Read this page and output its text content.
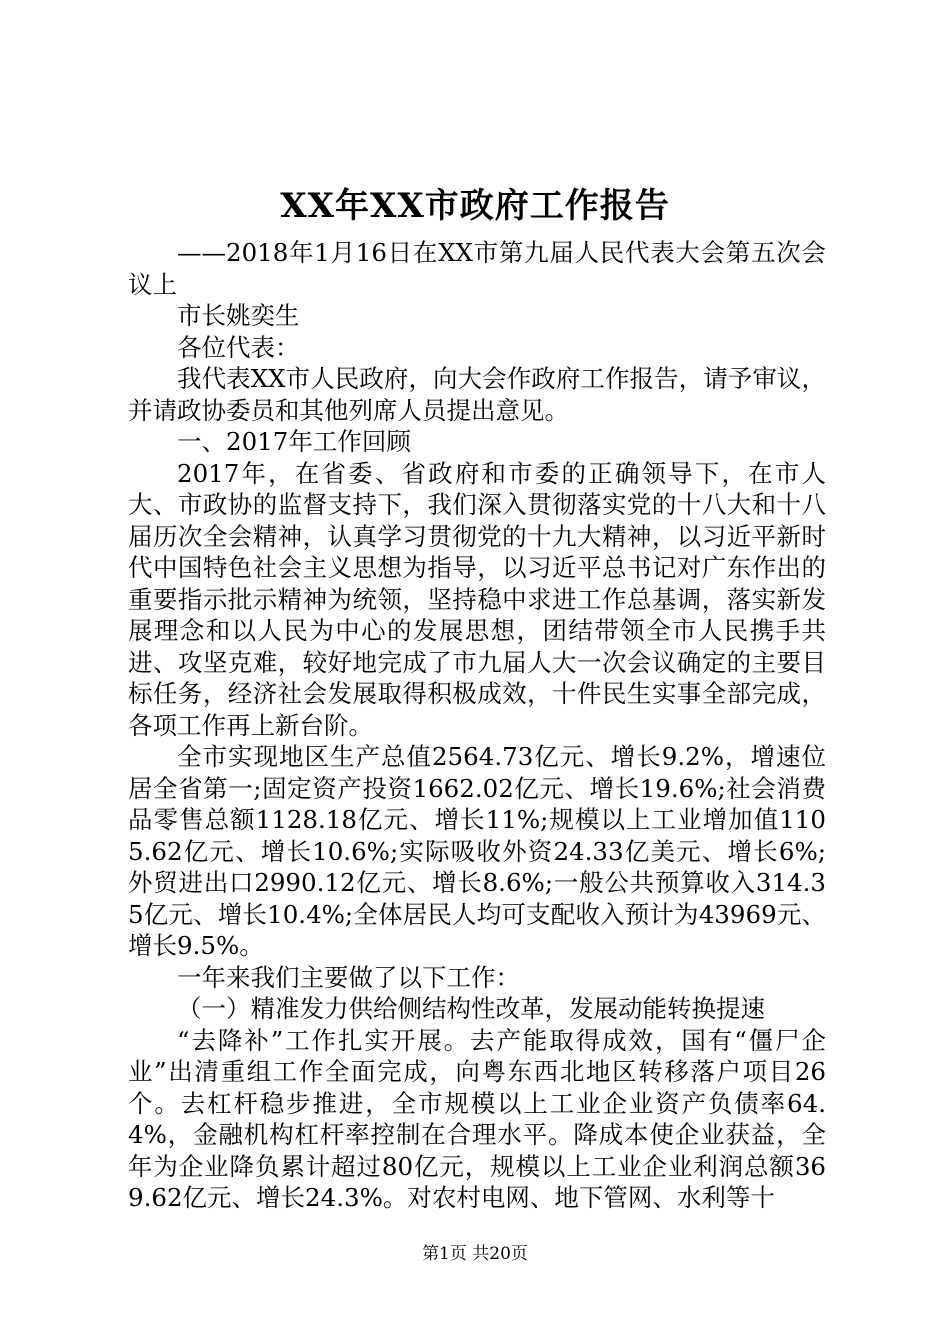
XX年XX市政府工作报告

——2018年1月16日在XX市第九届人民代表大会第五次会议上

市长姚奕生

各位代表：

我代表XX市人民政府，向大会作政府工作报告，请予审议，并请政协委员和其他列席人员提出意见。

一、2017年工作回顾

2017年，在省委、省政府和市委的正确领导下，在市人大、市政协的监督支持下，我们深入贯彻落实党的十八大和十八届历次全会精神，认真学习贯彻党的十九大精神，以习近平新时代中国特色社会主义思想为指导，以习近平总书记对广东作出的重要指示批示精神为统领，坚持稳中求进工作总基调，落实新发展理念和以人民为中心的发展思想，团结带领全市人民携手共进、攻坚克难，较好地完成了市九届人大一次会议确定的主要目标任务，经济社会发展取得积极成效，十件民生实事全部完成，各项工作再上新台阶。

全市实现地区生产总值2564.73亿元、增长9.2%，增速位居全省第一;固定资产投资1662.02亿元、增长19.6%;社会消费品零售总额1128.18亿元、增长11%;规模以上工业增加值1105.62亿元、增长10.6%;实际吸收外资24.33亿美元、增长6%;外贸进出口2990.12亿元、增长8.6%;一般公共预算收入314.35亿元、增长10.4%;全体居民人均可支配收入预计为43969元、增长9.5%。

一年来我们主要做了以下工作：

（一）精准发力供给侧结构性改革，发展动能转换提速

“去降补”工作扎实开展。去产能取得成效，国有“僵尸企业”出清重组工作全面完成，向粤东西北地区转移落户项目26个。去杠杆稳步推进，全市规模以上工业企业资产负债率64.4%，金融机构杠杆率控制在合理水平。降成本使企业获益，全年为企业降负累计超过80亿元，规模以上工业企业利润总额369.62亿元、增长24.3%。对农村电网、地下管网、水利等十

第1页 共20页
